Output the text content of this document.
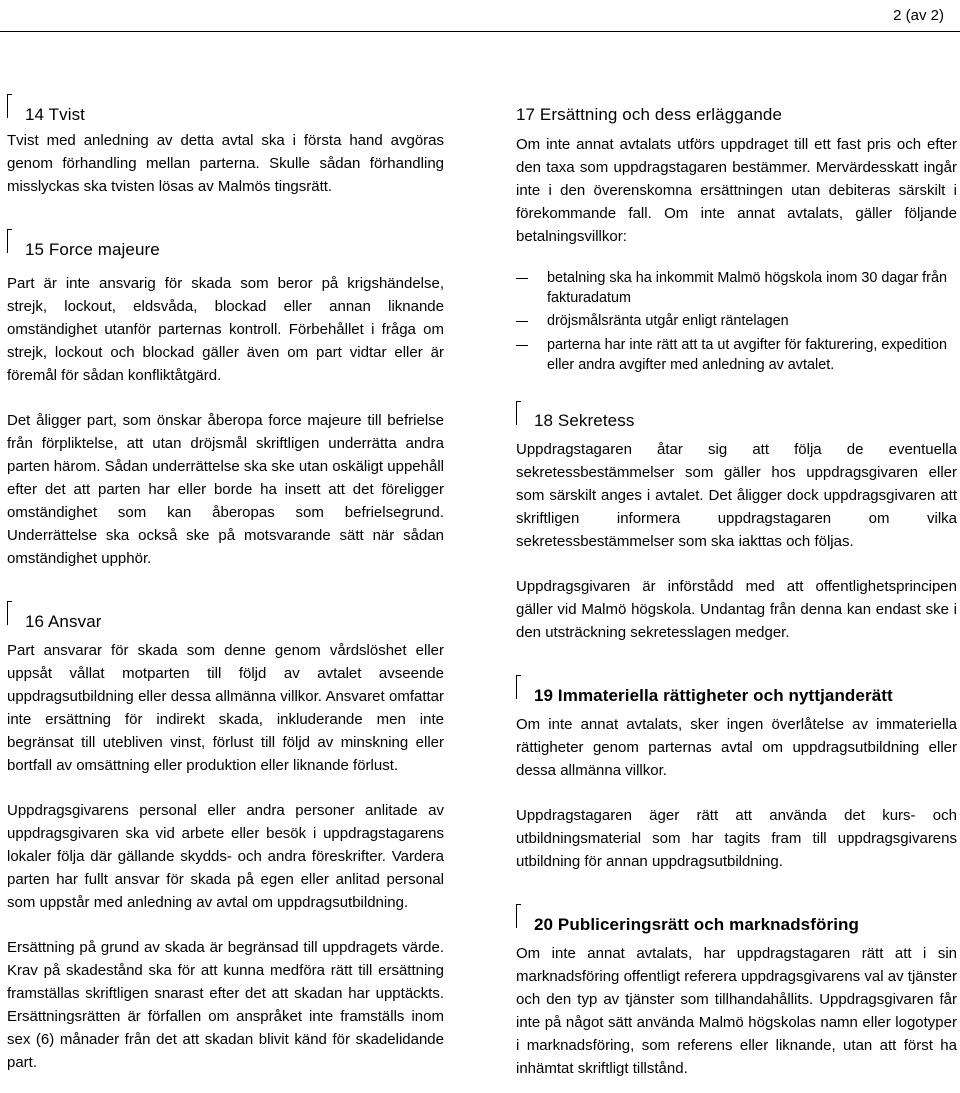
2 (av 2)
14 Tvist

Tvist med anledning av detta avtal ska i första hand avgöras genom förhandling mellan parterna. Skulle sådan förhandling misslyckas ska tvisten lösas av Malmös tingsrätt.

15 Force majeure

Part är inte ansvarig för skada som beror på krigshändelse, strejk, lockout, eldsvåda, blockad eller annan liknande omständighet utanför parternas kontroll. Förbehållet i fråga om strejk, lockout och blockad gäller även om part vidtar eller är föremål för sådan konfliktåtgärd.

Det åligger part, som önskar åberopa force majeure till befrielse från förpliktelse, att utan dröjsmål skriftligen underrätta andra parten härom. Sådan underrättelse ska ske utan oskäligt uppehåll efter det att parten har eller borde ha insett att det föreligger omständighet som kan åberopas som befrielsegrund. Underrättelse ska också ske på motsvarande sätt när sådan omständighet upphör.

16 Ansvar

Part ansvarar för skada som denne genom vårdslöshet eller uppsåt vållat motparten till följd av avtalet avseende uppdragsutbildning eller dessa allmänna villkor. Ansvaret omfattar inte ersättning för indirekt skada, inkluderande men inte begränsat till utebliven vinst, förlust till följd av minskning eller bortfall av omsättning eller produktion eller liknande förlust.

Uppdragsgivarens personal eller andra personer anlitade av uppdragsgivaren ska vid arbete eller besök i uppdragstagarens lokaler följa där gällande skydds- och andra föreskrifter. Vardera parten har fullt ansvar för skada på egen eller anlitad personal som uppstår med anledning av avtal om uppdragsutbildning.

Ersättning på grund av skada är begränsad till uppdragets värde. Krav på skadestånd ska för att kunna medföra rätt till ersättning framställas skriftligen snarast efter det att skadan har upptäckts. Ersättningsrätten är förfallen om anspråket inte framställs inom sex (6) månader från det att skadan blivit känd för skadelidande part.

17 Ersättning och dess erläggande

Om inte annat avtalats utförs uppdraget till ett fast pris och efter den taxa som uppdragstagaren bestämmer. Mervärdesskatt ingår inte i den överenskomna ersättningen utan debiteras särskilt i förekommande fall. Om inte annat avtalats, gäller följande betalningsvillkor:

betalning ska ha inkommit Malmö högskola inom 30 dagar från fakturadatum
dröjsmålsränta utgår enligt räntelagen
parterna har inte rätt att ta ut avgifter för fakturering, expedition eller andra avgifter med anledning av avtalet.
18 Sekretess

Uppdragstagaren åtar sig att följa de eventuella sekretessbestämmelser som gäller hos uppdragsgivaren eller som särskilt anges i avtalet. Det åligger dock uppdragsgivaren att skriftligen informera uppdragstagaren om vilka sekretessbestämmelser som ska iakttas och följas.

Uppdragsgivaren är införstådd med att offentlighetsprincipen gäller vid Malmö högskola. Undantag från denna kan endast ske i den utsträckning sekretesslagen medger.

19 Immateriella rättigheter och nyttjanderätt

Om inte annat avtalats, sker ingen överlåtelse av immateriella rättigheter genom parternas avtal om uppdragsutbildning eller dessa allmänna villkor.

Uppdragstagaren äger rätt att använda det kurs- och utbildningsmaterial som har tagits fram till uppdragsgivarens utbildning för annan uppdragsutbildning.

20 Publiceringsrätt och marknadsföring

Om inte annat avtalats, har uppdragstagaren rätt att i sin marknadsföring offentligt referera uppdragsgivarens val av tjänster och den typ av tjänster som tillhandahållits. Uppdragsgivaren får inte på något sätt använda Malmö högskolas namn eller logotyper i marknadsföring, som referens eller liknande, utan att först ha inhämtat skriftligt tillstånd.
